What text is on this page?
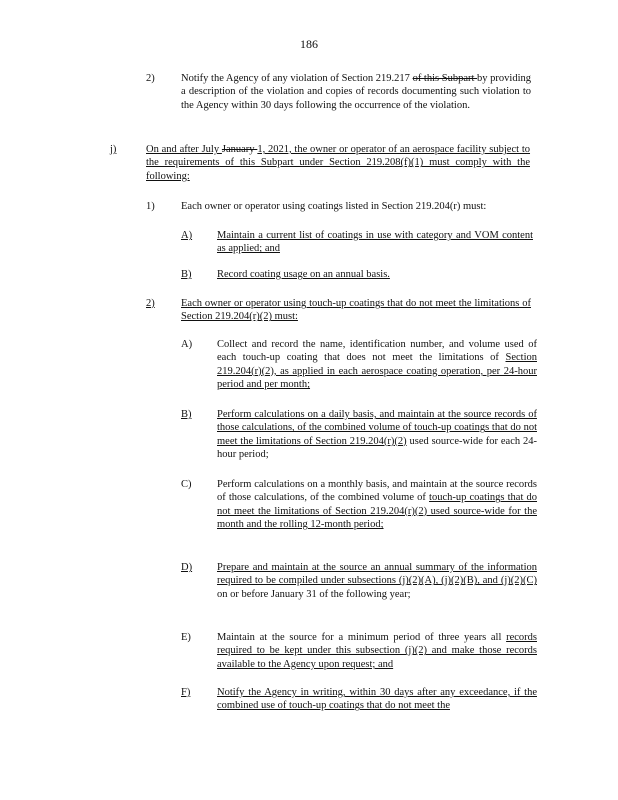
186
2)	Notify the Agency of any violation of Section 219.217 of this Subpart by providing a description of the violation and copies of records documenting such violation to the Agency within 30 days following the occurrence of the violation.
j)	On and after July January 1, 2021, the owner or operator of an aerospace facility subject to the requirements of this Subpart under Section 219.208(f)(1) must comply with the following:
1)	Each owner or operator using coatings listed in Section 219.204(r) must:
A) Maintain a current list of coatings in use with category and VOM content as applied; and
B) Record coating usage on an annual basis.
2)	Each owner or operator using touch-up coatings that do not meet the limitations of Section 219.204(r)(2) must:
A) Collect and record the name, identification number, and volume used of each touch-up coating that does not meet the limitations of Section 219.204(r)(2), as applied in each aerospace coating operation, per 24-hour period and per month;
B) Perform calculations on a daily basis, and maintain at the source records of those calculations, of the combined volume of touch-up coatings that do not meet the limitations of Section 219.204(r)(2) used source-wide for each 24-hour period;
C) Perform calculations on a monthly basis, and maintain at the source records of those calculations, of the combined volume of touch-up coatings that do not meet the limitations of Section 219.204(r)(2) used source-wide for the month and the rolling 12-month period;
D) Prepare and maintain at the source an annual summary of the information required to be compiled under subsections (j)(2)(A), (j)(2)(B), and (j)(2)(C) on or before January 31 of the following year;
E) Maintain at the source for a minimum period of three years all records required to be kept under this subsection (j)(2) and make those records available to the Agency upon request; and
F)	Notify the Agency in writing, within 30 days after any exceedance, if the combined use of touch-up coatings that do not meet the
